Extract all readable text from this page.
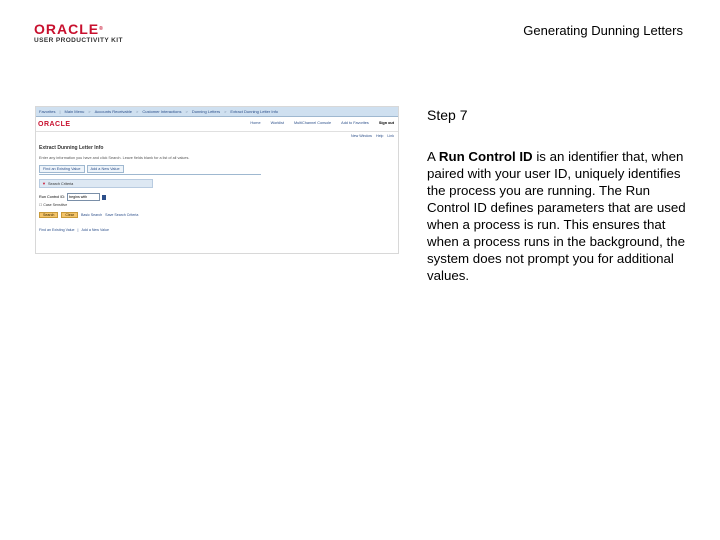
ORACLE®
USER PRODUCTIVITY KIT
Generating Dunning Letters
Favorites | Main Menu > Accounts Receivable > Customer Interactions > Dunning Letters > Extract Dunning Letter Info
ORACLE	Home	Worklist	MultiChannel Console	Add to Favorites	Sign out
New Window Help Link
Extract Dunning Letter Info
Enter any information you have and click Search. Leave fields blank for a list of all values.
Find an Existing Value	Add a New Value
▼ Search Criteria
Run Control ID:	begins with
☐ Case Sensitive
Search	Clear	Basic Search Save Search Criteria
Find an Existing Value | Add a New Value
Step 7

A Run Control ID is an identifier that, when paired with your user ID, uniquely identifies the process you are running. The Run Control ID defines parameters that are used when a process is run. This ensures that when a process runs in the background, the system does not prompt you for additional values.
